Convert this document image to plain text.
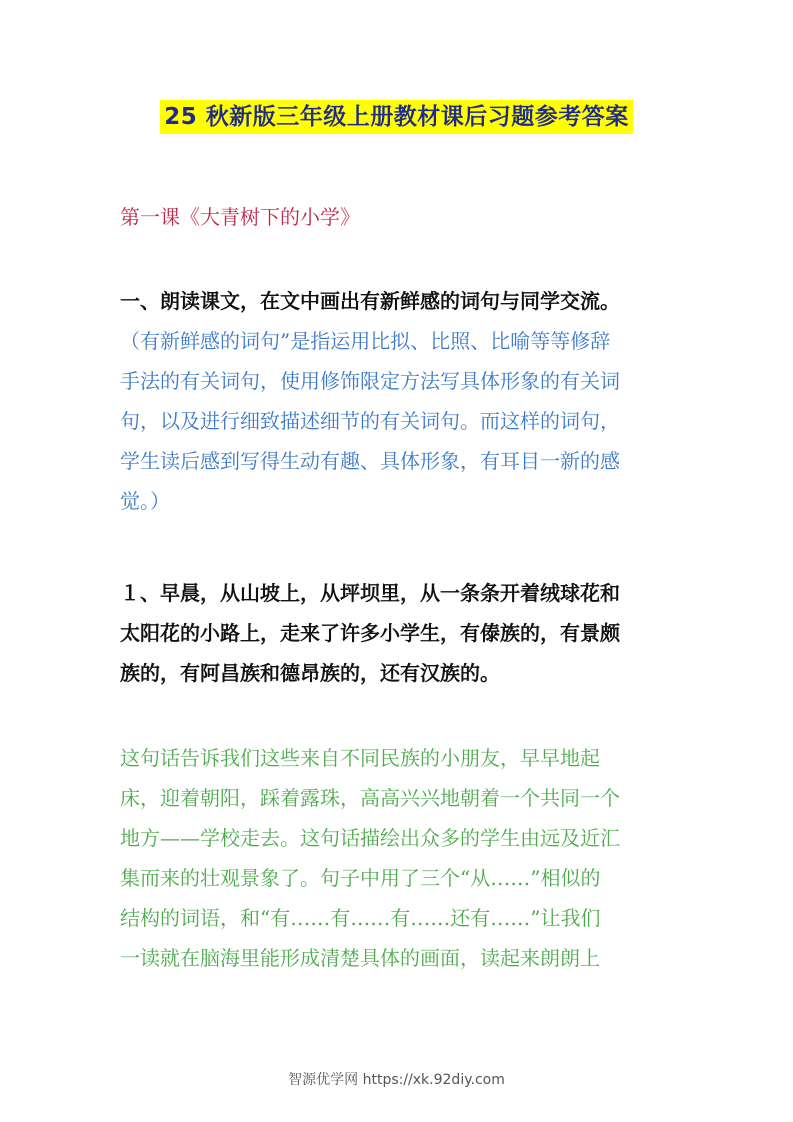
25 秋新版三年级上册教材课后习题参考答案
第一课《大青树下的小学》
一、朗读课文，在文中画出有新鲜感的词句与同学交流。
（有新鲜感的词句”是指运用比拟、比照、比喻等等修辞
手法的有关词句，使用修饰限定方法写具体形象的有关词
句，以及进行细致描述细节的有关词句。而这样的词句，
学生读后感到写得生动有趣、具体形象，有耳目一新的感
觉。）
１、早晨，从山坡上，从坪坝里，从一条条开着绒球花和
太阳花的小路上，走来了许多小学生，有傣族的，有景颇
族的，有阿昌族和德昂族的，还有汉族的。
这句话告诉我们这些来自不同民族的小朋友，早早地起
床，迎着朝阳，踩着露珠，高高兴兴地朝着一个共同一个
地方——学校走去。这句话描绘出众多的学生由远及近汇
集而来的壮观景象了。句子中用了三个“从……”相似的
结构的词语，和“有……有……有……还有……”让我们
一读就在脑海里能形成清楚具体的画面，读起来朗朗上
智源优学网 https://xk.92diy.com
